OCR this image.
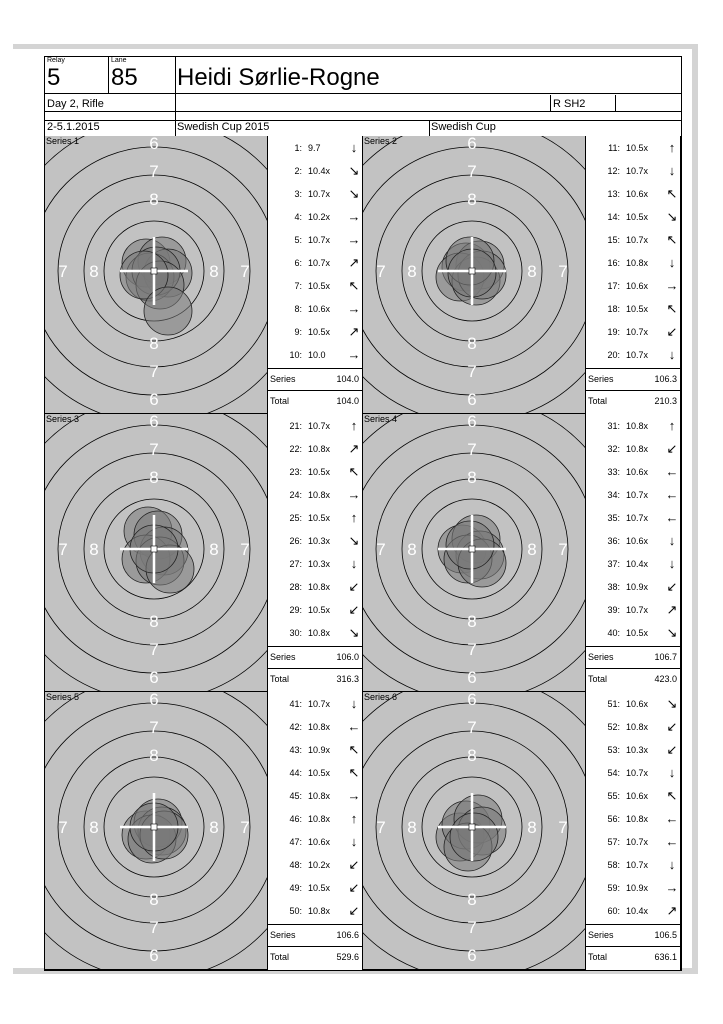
Relay
5
Lane
85 Heidi Sørlie-Rogne
Day 2, Rifle	R SH2
2-5.1.2015	Swedish Cup 2015	Swedish Cup
6
6
7
7
7	7
8
8
8	8
Series 1
1: 9.7	↓
2: 10.4x ↘
3: 10.7x ↘
4: 10.2x →
5: 10.7x →
6: 10.7x ↗
7: 10.5x ↖
8: 10.6x →
9: 10.5x ↗
10: 10.0 →
Series	104.0
Total	104.0
6
6
7
7
7	7
8
8
8	8
Series 2
11: 10.5x	↑
12: 10.7x	↓
13: 10.6x ↖
14: 10.5x ↘
15: 10.7x ↖
16: 10.8x	↓
17: 10.6x →
18: 10.5x ↖
19: 10.7x ↙
20: 10.7x	↓
Series	106.3
Total	210.3
6
6
7
7
7	7
8
8
8	8
Series 3
21: 10.7x	↑
22: 10.8x ↗
23: 10.5x ↖
24: 10.8x →
25: 10.5x	↑
26: 10.3x ↘
27: 10.3x	↓
28: 10.8x ↙
29: 10.5x ↙
30: 10.8x ↘
Series	106.0
Total	316.3
6
6
7
7
7	7
8
8
8	8
Series 4
31: 10.8x	↑
32: 10.8x ↙
33: 10.6x ←
34: 10.7x ←
35: 10.7x ←
36: 10.6x	↓
37: 10.4x	↓
38: 10.9x ↙
39: 10.7x ↗
40: 10.5x ↘
Series	106.7
Total	423.0
6
6
7
7
7	7
8
8
8	8
Series 5
41: 10.7x	↓
42: 10.8x ←
43: 10.9x ↖
44: 10.5x ↖
45: 10.8x →
46: 10.8x	↑
47: 10.6x	↓
48: 10.2x ↙
49: 10.5x ↙
50: 10.8x ↙
Series	106.6
Total	529.6
6
6
7
7
7	7
8
8
8	8
Series 6
51: 10.6x ↘
52: 10.8x ↙
53: 10.3x ↙
54: 10.7x	↓
55: 10.6x ↖
56: 10.8x ←
57: 10.7x ←
58: 10.7x	↓
59: 10.9x →
60: 10.4x ↗
Series	106.5
Total	636.1
